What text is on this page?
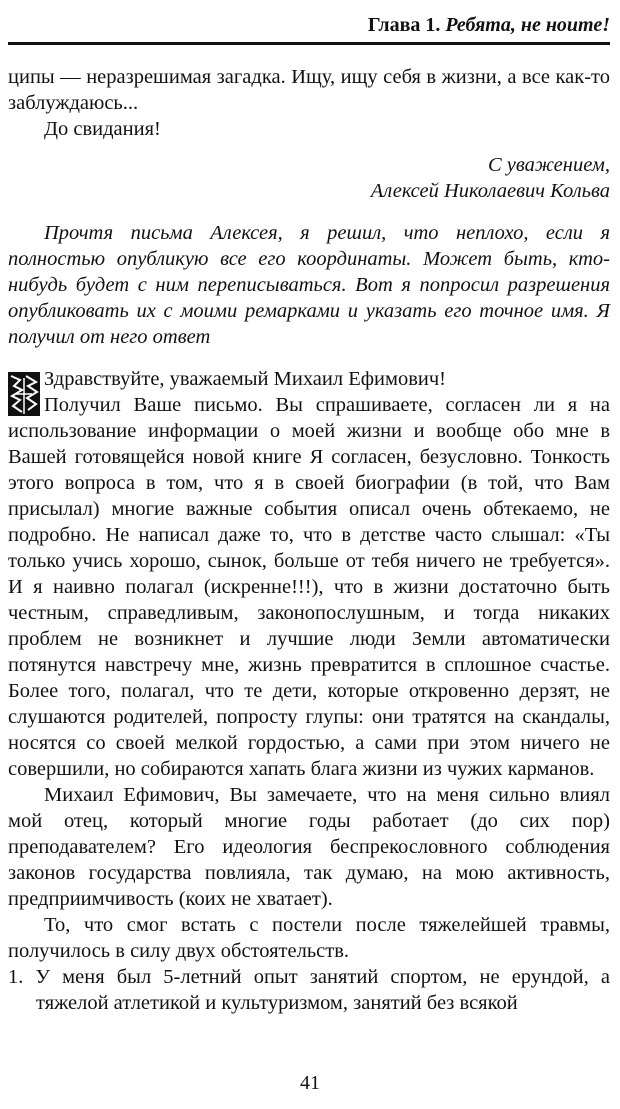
Глава 1. Ребята, не ноите!

ципы — неразрешимая загадка. Ищу, ищу себя в жизни, а все как-то заблуждаюсь...

До свидания!

С уважением,

Алексей Николаевич Кольва

Прочтя письма Алексея, я решил, что неплохо, если я полностью опубликую все его координаты. Может быть, кто-нибудь будет с ним переписываться. Вот я попросил разрешения опубликовать их с моими ремарками и указать его точное имя. Я получил от него ответ

Здравствуйте, уважаемый Михаил Ефимович!

Получил Ваше письмо. Вы спрашиваете, согласен ли я на использование информации о моей жизни и вообще обо мне в Вашей готовящейся новой книге Я согласен, безусловно. Тонкость этого вопроса в том, что я в своей биографии (в той, что Вам присылал) многие важные события описал очень обтекаемо, не подробно. Не написал даже то, что в детстве часто слышал: «Ты только учись хорошо, сынок, больше от тебя ничего не требуется». И я наивно полагал (искренне!!!), что в жизни достаточно быть честным, справедливым, законопослушным, и тогда никаких проблем не возникнет и лучшие люди Земли автоматически потянутся навстречу мне, жизнь превратится в сплошное счастье. Более того, полагал, что те дети, которые откровенно дерзят, не слушаются родителей, попросту глупы: они тратятся на скандалы, носятся со своей мелкой гордостью, а сами при этом ничего не совершили, но собираются хапать блага жизни из чужих карманов.

Михаил Ефимович, Вы замечаете, что на меня сильно влиял мой отец, который многие годы работает (до сих пор) преподавателем? Его идеология беспрекословного соблюдения законов государства повлияла, так думаю, на мою активность, предприимчивость (коих не хватает).

То, что смог встать с постели после тяжелейшей травмы, получилось в силу двух обстоятельств.

1. У меня был 5-летний опыт занятий спортом, не ерундой, а тяжелой атлетикой и культуризмом, занятий без всякой

41
